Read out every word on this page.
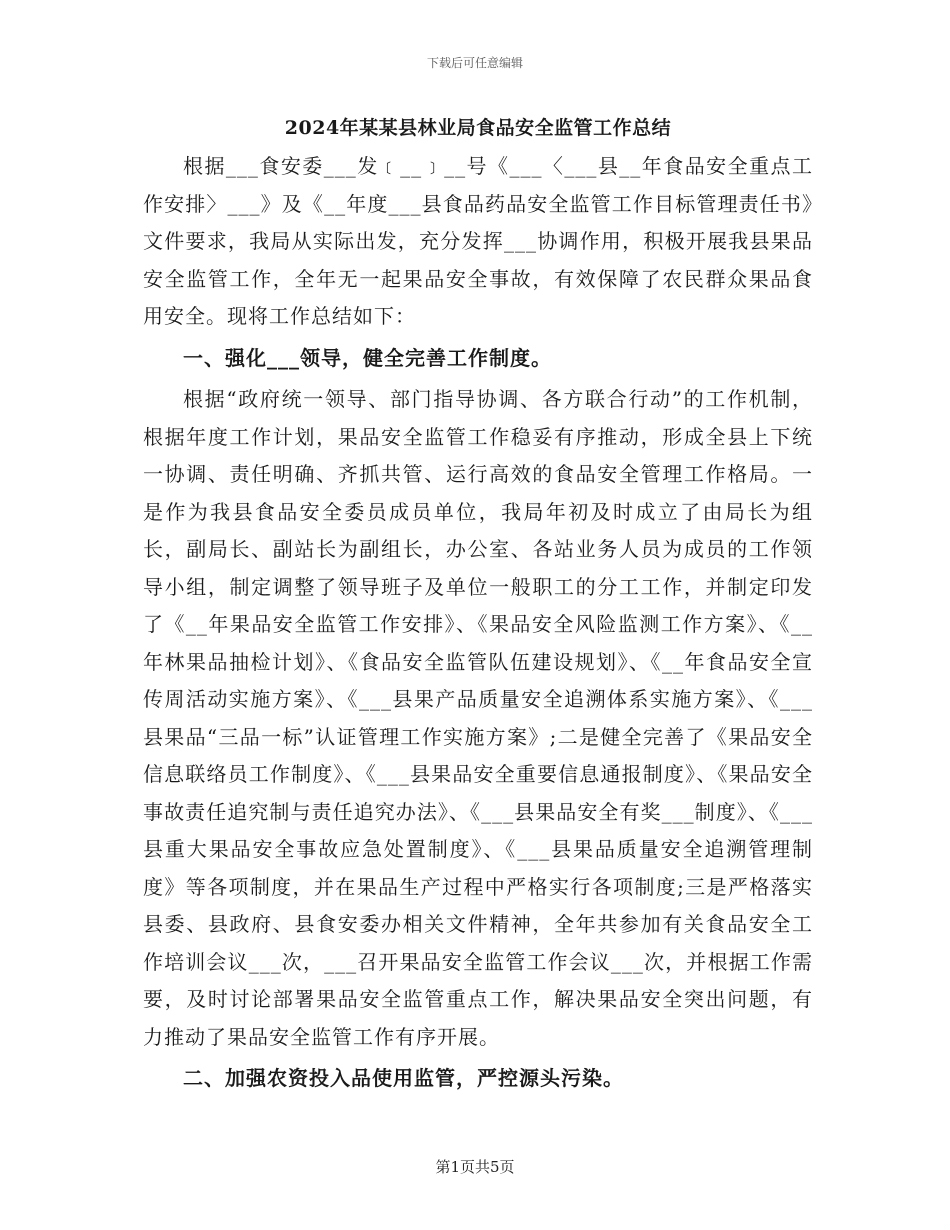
下载后可任意编辑
2024年某某县林业局食品安全监管工作总结

根据___食安委___发﹝__﹞__号《___〈___县__年食品安全重点工作安排〉___》及《__年度___县食品药品安全监管工作目标管理责任书》文件要求，我局从实际出发，充分发挥___协调作用，积极开展我县果品安全监管工作，全年无一起果品安全事故，有效保障了农民群众果品食用安全。现将工作总结如下：

一、强化___领导，健全完善工作制度。

根据“政府统一领导、部门指导协调、各方联合行动”的工作机制，根据年度工作计划，果品安全监管工作稳妥有序推动，形成全县上下统一协调、责任明确、齐抓共管、运行高效的食品安全管理工作格局。一是作为我县食品安全委员成员单位，我局年初及时成立了由局长为组长，副局长、副站长为副组长，办公室、各站业务人员为成员的工作领导小组，制定调整了领导班子及单位一般职工的分工工作，并制定印发了《__年果品安全监管工作安排》、《果品安全风险监测工作方案》、《__年林果品抽检计划》、《食品安全监管队伍建设规划》、《__年食品安全宣传周活动实施方案》、《___县果产品质量安全追溯体系实施方案》、《___县果品“三品一标”认证管理工作实施方案》;二是健全完善了《果品安全信息联络员工作制度》、《___县果品安全重要信息通报制度》、《果品安全事故责任追究制与责任追究办法》、《___县果品安全有奖___制度》、《___县重大果品安全事故应急处置制度》、《___县果品质量安全追溯管理制度》等各项制度，并在果品生产过程中严格实行各项制度;三是严格落实县委、县政府、县食安委办相关文件精神，全年共参加有关食品安全工作培训会议___次，___召开果品安全监管工作会议___次，并根据工作需要，及时讨论部署果品安全监管重点工作，解决果品安全突出问题，有力推动了果品安全监管工作有序开展。

二、加强农资投入品使用监管，严控源头污染。

第1页共5页
